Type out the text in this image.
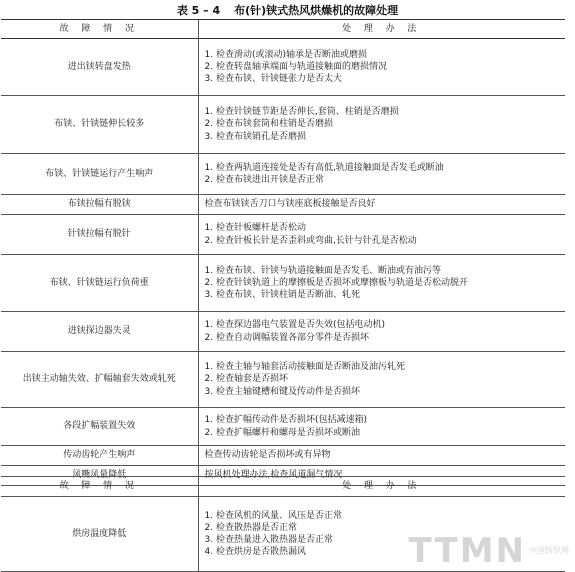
表 5 – 4 布(针)铗式热风烘燥机的故障处理
故 障 情 况	处 理 办 法
进出铗转盘发热	1. 检查滑动(或滚动)轴承是否断油或磨损
2. 检查转盘轴承端面与轨道接触面的磨损情况
3. 检查布铗、针铗链张力是否太大

布铗、针铗链伸长较多	1. 检查针铗链节距是否伸长,套筒、柱销是否磨损
2. 检查布铗套筒和柱销是否磨损
3. 检查布铗销孔是否磨损

布铗、针铗链运行产生响声	1. 检查两轨道连接处是否有高低,轨道接触面是否发毛或断油
2. 检查布铗进出开铗是否正常

布铗拉幅有脱铗	检查布铗铗舌刀口与铗座底板接触是否良好

针铗拉幅有脱针	1. 检查针板螺杆是否松动
2. 检查针板长针是否歪斜或弯曲,长针与针孔是否松动

布铗、针铗链运行负荷重	1. 检查布铗、针铗与轨道接触面是否发毛、断油或有油污等
2. 检查针铗轨道上的摩擦板是否损坏或摩擦板与轨道是否松动脱开
3. 检查布铗、针铗柱销是否断油、轧死

进铗探边器失灵	1. 检查探边器电气装置是否失效(包括电动机)
2. 检查自动调幅装置各部分零件是否损坏

出铗主动轴失效、扩幅轴套失效或轧死	1. 检查主轴与轴套活动接触面是否断油及油污轧死
2. 检查轴套是否损坏
3. 检查主轴键槽和键及传动件是否损坏

各段扩幅装置失效	1. 检查扩幅传动件是否损坏(包括减速箱)
2. 检查扩幅螺杆和螺母是否损坏或断油

传动齿轮产生响声	检查传动齿轮是否损坏或有异物

风嘴风量降低	按风机处理办法,检查风道漏气情况
故 障 情 况	处 理 办 法
烘房温度降低	1. 检查风机的风量、风压是否正常
2. 检查散热器是否正常
3. 检查热量进入散热器是否正常
4. 检查烘房是否散热漏风	TTMN 中国纺织网
